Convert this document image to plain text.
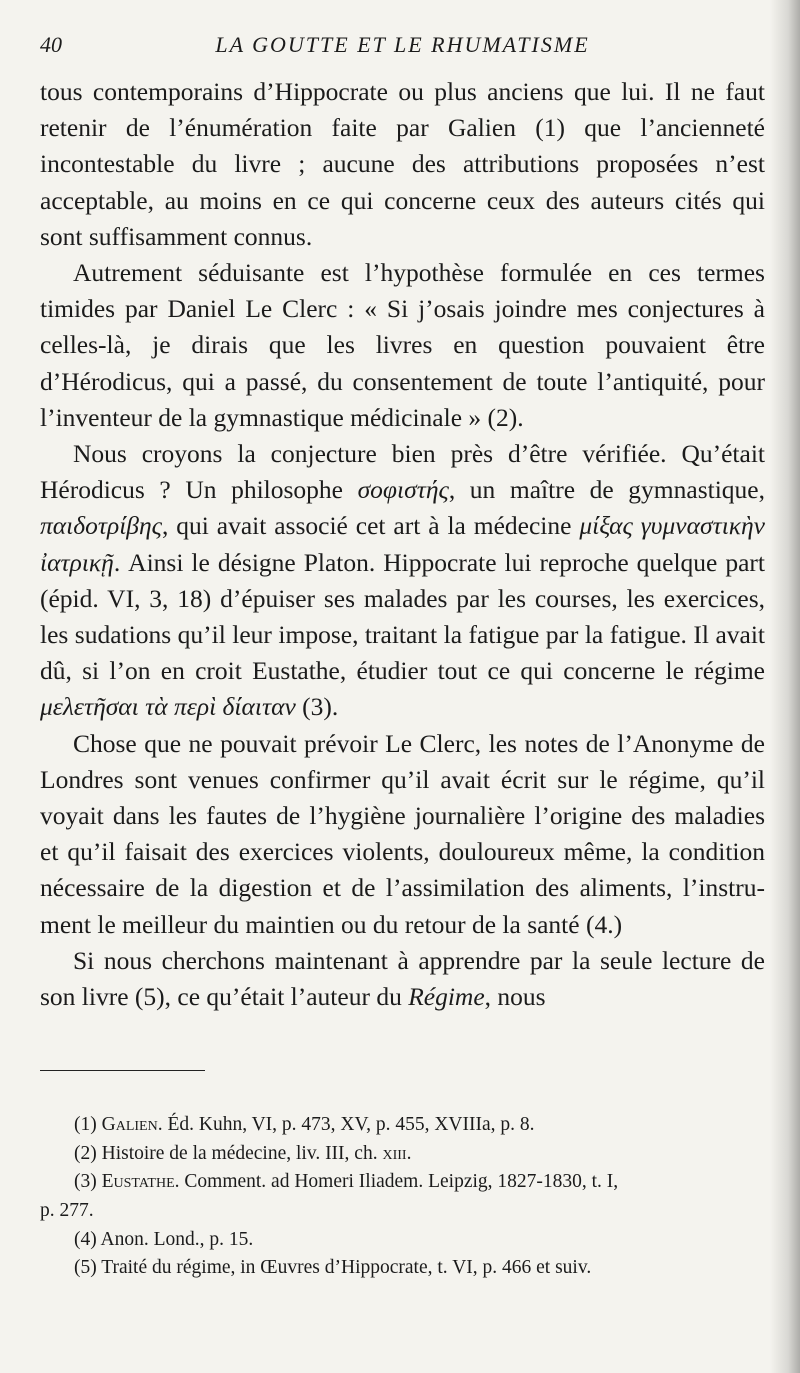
40	LA GOUTTE ET LE RHUMATISME

tous contemporains d’Hippocrate ou plus anciens que lui. Il ne faut retenir de l’énumération faite par Galien (1) que l’ancienneté incontestable du livre ; aucune des attributions proposées n’est acceptable, au moins en ce qui concerne ceux des auteurs cités qui sont suffisamment connus.

Autrement séduisante est l’hypothèse formulée en ces termes timides par Daniel Le Clerc : « Si j’osais joindre mes conjectures à celles-là, je dirais que les livres en question pouvaient être d’Hérodicus, qui a passé, du consentement de toute l’antiquité, pour l’inventeur de la gymnastique médicinale » (2).

Nous croyons la conjecture bien près d’être vérifiée. Qu’était Hérodicus ? Un philosophe σοφιστής, un maître de gymnastique, παιδοτρίβης, qui avait associé cet art à la médecine μίξας γυμναστικὴν ἰατρικῇ. Ainsi le désigne Platon. Hippocrate lui reproche quelque part (épid. VI, 3, 18) d’épuiser ses malades par les courses, les exercices, les sudations qu’il leur impose, traitant la fatigue par la fatigue. Il avait dû, si l’on en croit Eustathe, étudier tout ce qui concerne le régime μελετῆσαι τὰ περὶ δίαιταν (3).

Chose que ne pouvait prévoir Le Clerc, les notes de l’Anonyme de Londres sont venues confirmer qu’il avait écrit sur le régime, qu’il voyait dans les fautes de l’hygiène journalière l’origine des maladies et qu’il faisait des exercices violents, douloureux même, la condition nécessaire de la digestion et de l’assimilation des aliments, l’instrument le meilleur du maintien ou du retour de la santé (4.)

Si nous cherchons maintenant à apprendre par la seule lecture de son livre (5), ce qu’était l’auteur du Régime, nous

(1) Galien. Éd. Kuhn, VI, p. 473, XV, p. 455, XVIIIa, p. 8.

(2) Histoire de la médecine, liv. III, ch. xiii.

(3) Eustathe. Comment. ad Homeri Iliadem. Leipzig, 1827-1830, t. I,

p. 277.

(4) Anon. Lond., p. 15.

(5) Traité du régime, in Œuvres d’Hippocrate, t. VI, p. 466 et suiv.
